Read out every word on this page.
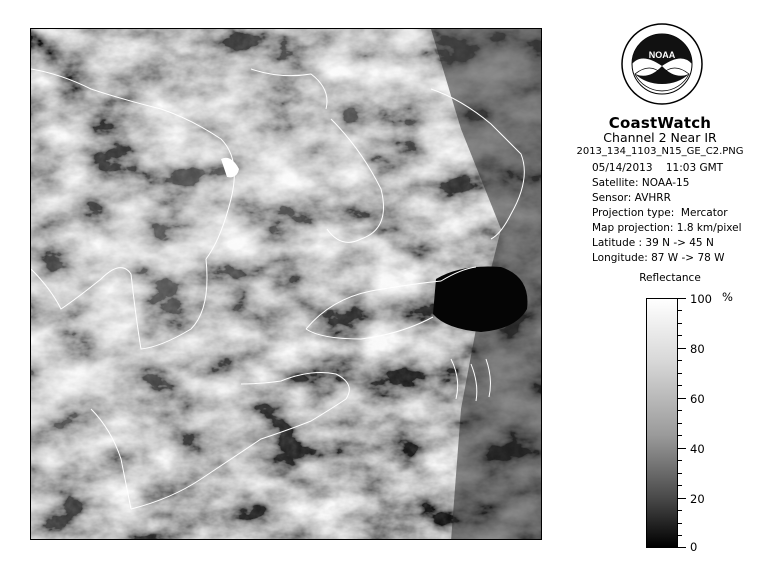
NOAA
CoastWatch
Channel 2 Near IR
2013_134_1103_N15_GE_C2.PNG
05/14/2013    11:03 GMT
Satellite: NOAA-15
Sensor: AVHRR
Projection type:  Mercator
Map projection: 1.8 km/pixel
Latitude : 39 N -> 45 N
Longitude: 87 W -> 78 W
Reflectance
100
80
60
40
20
0
%
